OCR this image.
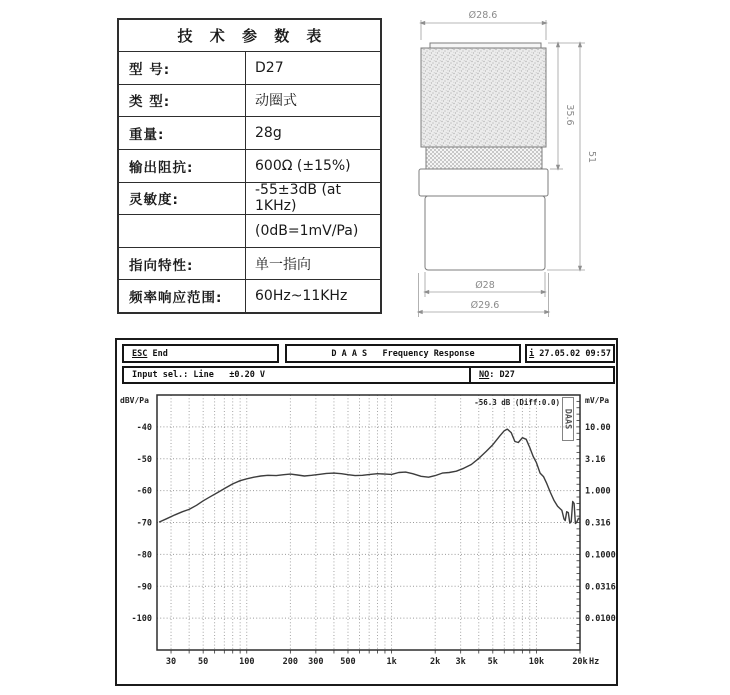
技 术 参 数 表
型 号:	D27
类 型:	动圈式
重量:	28g
输出阻抗:	600Ω (±15%)
灵敏度:
-55±3dB (at 1KHz)
(0dB=1mV/Pa)
指向特性:	单一指向
频率响应范围:	60Hz~11KHz
Ø28.6
35.6
51
Ø28
Ø29.6
ESC End	D A A S   Frequency Response	i 27.05.02 09:57
Input sel.: Line   ±0.20 V	NO : D27
-40
-50
-60
-70
-80
-90
-100
10.00
3.16
1.000
0.316
0.1000
0.0316
0.0100
30	50	100	200 300 500	1k	2k 3k	5k	10k	20k Hz
dBV/Pa	mV/Pa
-56.3 dB (Diff:0.0)
DAAS
